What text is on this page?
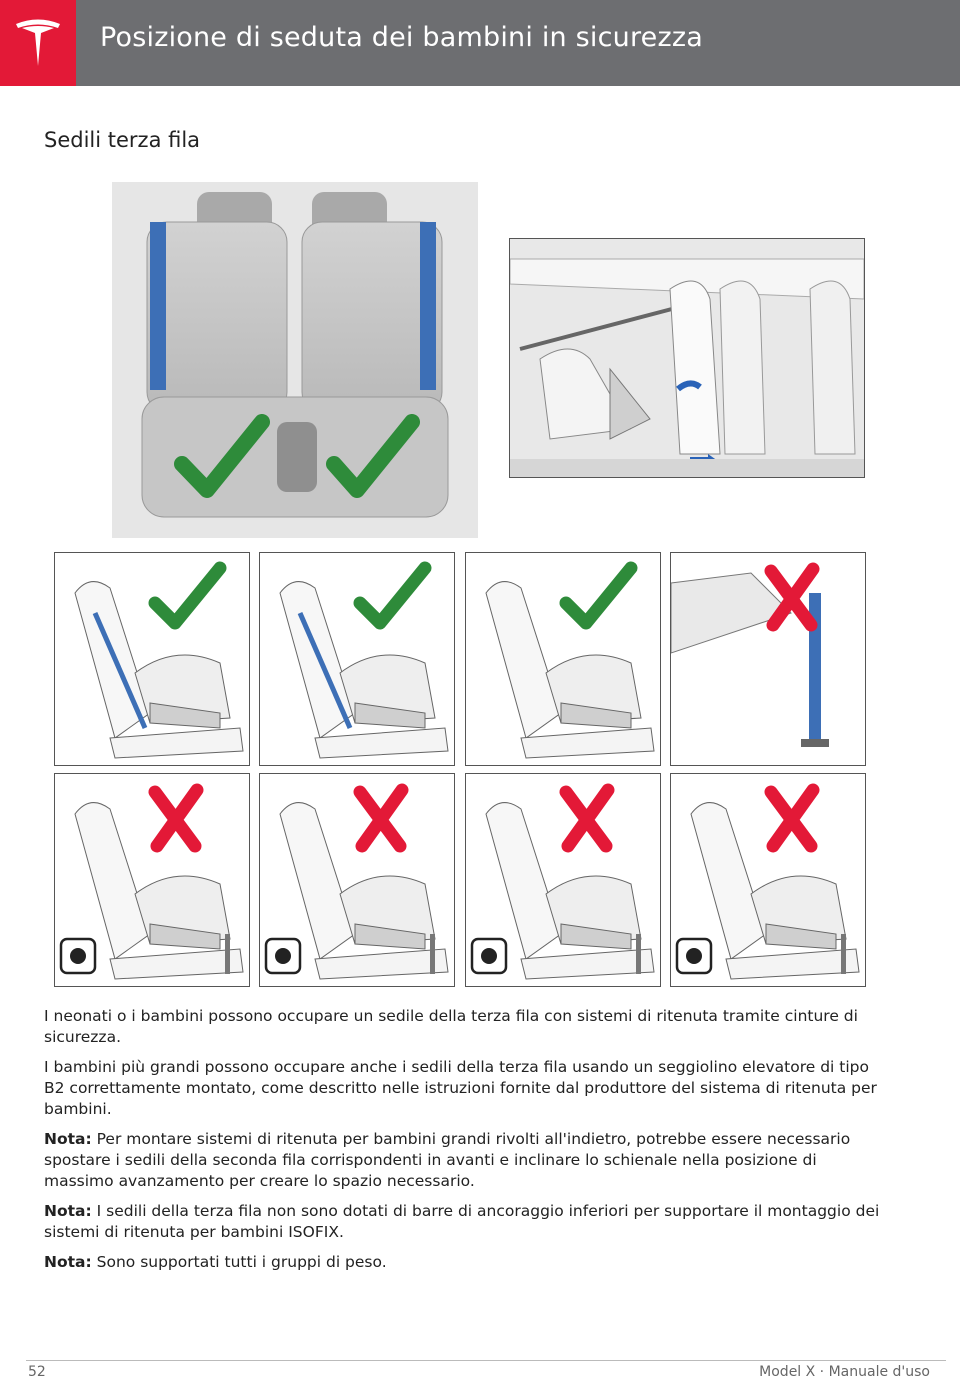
Posizione di seduta dei bambini in sicurezza
Sedili terza fila

I neonati o i bambini possono occupare un sedile della terza fila con sistemi di ritenuta tramite cinture di sicurezza.

I bambini più grandi possono occupare anche i sedili della terza fila usando un seggiolino elevatore di tipo B2 correttamente montato, come descritto nelle istruzioni fornite dal produttore del sistema di ritenuta per bambini.

Nota: Per montare sistemi di ritenuta per bambini grandi rivolti all'indietro, potrebbe essere necessario spostare i sedili della seconda fila corrispondenti in avanti e inclinare lo schienale nella posizione di massimo avanzamento per creare lo spazio necessario.

Nota: I sedili della terza fila non sono dotati di barre di ancoraggio inferiori per supportare il montaggio dei sistemi di ritenuta per bambini ISOFIX.

Nota: Sono supportati tutti i gruppi di peso.

52	Model X · Manuale d'uso
